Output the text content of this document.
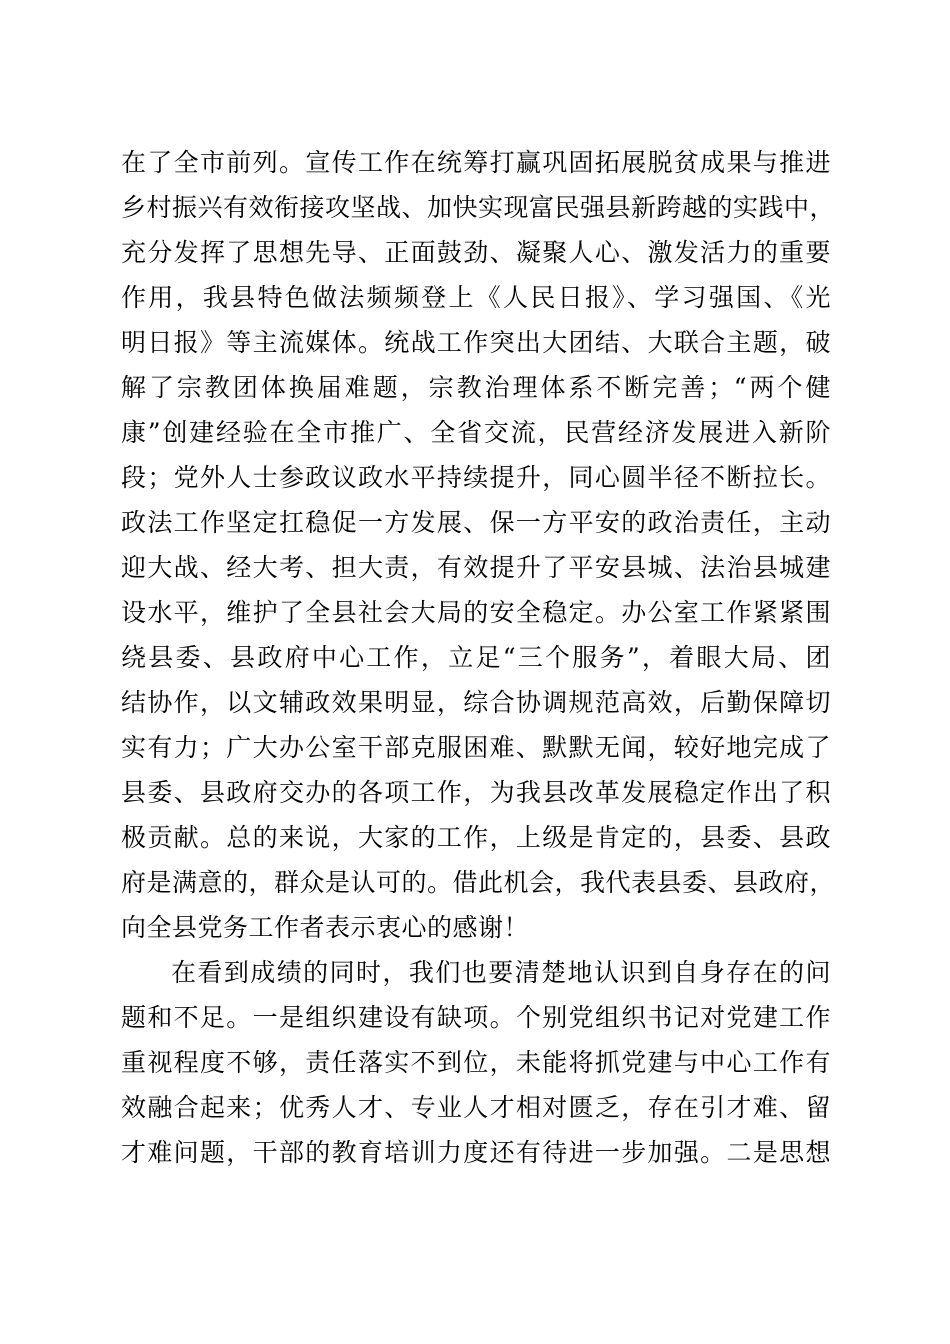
在了全市前列。宣传工作在统筹打赢巩固拓展脱贫成果与推进
乡村振兴有效衔接攻坚战、加快实现富民强县新跨越的实践中，
充分发挥了思想先导、正面鼓劲、凝聚人心、激发活力的重要
作用，我县特色做法频频登上《人民日报》、学习强国、《光
明日报》等主流媒体。统战工作突出大团结、大联合主题，破
解了宗教团体换届难题，宗教治理体系不断完善；“两个健
康”创建经验在全市推广、全省交流，民营经济发展进入新阶
段；党外人士参政议政水平持续提升，同心圆半径不断拉长。
政法工作坚定扛稳促一方发展、保一方平安的政治责任，主动
迎大战、经大考、担大责，有效提升了平安县城、法治县城建
设水平，维护了全县社会大局的安全稳定。办公室工作紧紧围
绕县委、县政府中心工作，立足“三个服务”，着眼大局、团
结协作，以文辅政效果明显，综合协调规范高效，后勤保障切
实有力；广大办公室干部克服困难、默默无闻，较好地完成了
县委、县政府交办的各项工作，为我县改革发展稳定作出了积
极贡献。总的来说，大家的工作，上级是肯定的，县委、县政
府是满意的，群众是认可的。借此机会，我代表县委、县政府，
向全县党务工作者表示衷心的感谢！
在看到成绩的同时，我们也要清楚地认识到自身存在的问
题和不足。一是组织建设有缺项。个别党组织书记对党建工作
重视程度不够，责任落实不到位，未能将抓党建与中心工作有
效融合起来；优秀人才、专业人才相对匮乏，存在引才难、留
才难问题，干部的教育培训力度还有待进一步加强。二是思想
